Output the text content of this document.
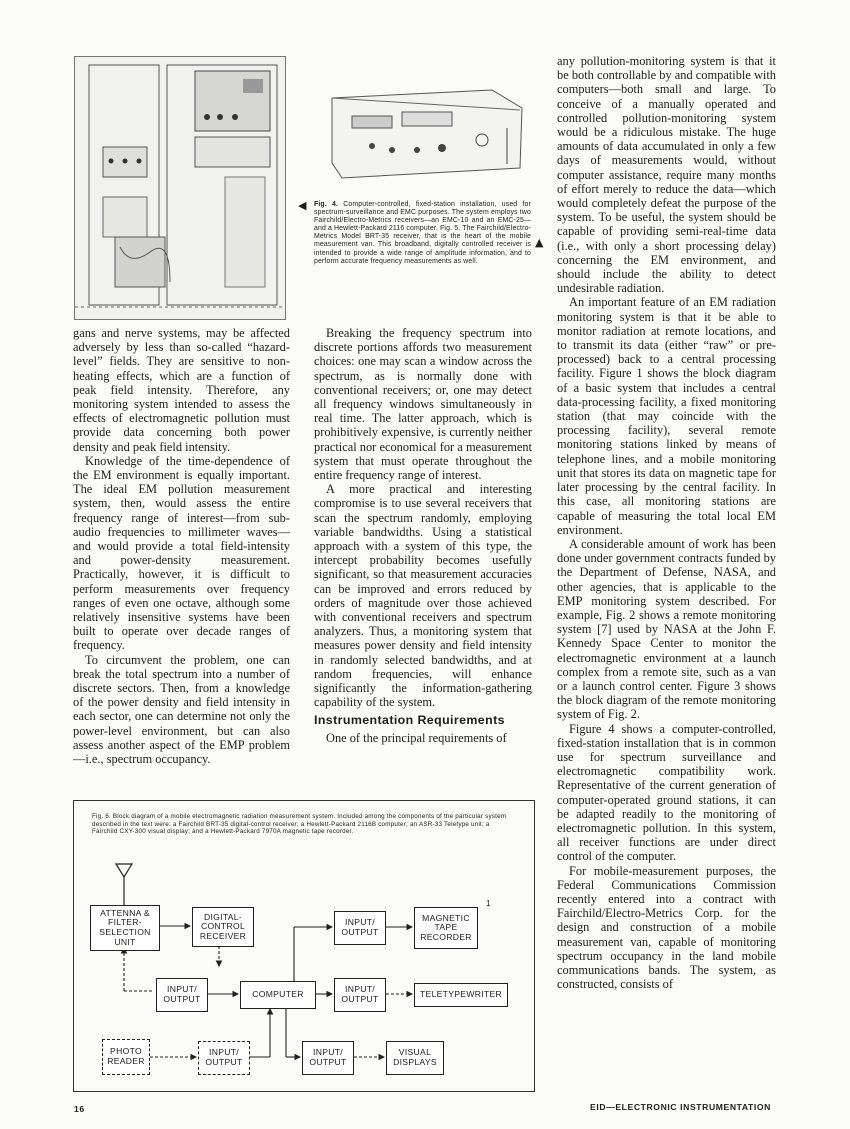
Fig. 4. Computer-controlled, fixed-station installation, used for spectrum-surveillance and EMC purposes. The system employs two Fairchild/Electro-Metrics receivers—an EMC-10 and an EMC-25—and a Hewlett-Packard 2116 computer. Fig. 5. The Fairchild/Electro-Metrics Model BRT-35 receiver, that is the heart of the mobile measurement van. This broadband, digitally controlled receiver is intended to provide a wide range of amplitude information, and to perform accurate frequency measurements as well.
◀
▲

gans and nerve systems, may be affected adversely by less than so-called “hazard-level” fields. They are sensitive to non-heating effects, which are a function of peak field intensity. Therefore, any monitoring system intended to assess the effects of electromagnetic pollution must provide data concerning both power density and peak field intensity.

Knowledge of the time-dependence of the EM environment is equally important. The ideal EM pollution measurement system, then, would assess the entire frequency range of interest—from sub-audio frequencies to millimeter waves—and would provide a total field-intensity and power-density measurement. Practically, however, it is difficult to perform measurements over frequency ranges of even one octave, although some relatively insensitive systems have been built to operate over decade ranges of frequency.

To circumvent the problem, one can break the total spectrum into a number of discrete sectors. Then, from a knowledge of the power density and field intensity in each sector, one can determine not only the power-level environment, but can also assess another aspect of the EMP problem—i.e., spectrum occupancy.

Breaking the frequency spectrum into discrete portions affords two measurement choices: one may scan a window across the spectrum, as is normally done with conventional receivers; or, one may detect all frequency windows simultaneously in real time. The latter approach, which is prohibitively expensive, is currently neither practical nor economical for a measurement system that must operate throughout the entire frequency range of interest.

A more practical and interesting compromise is to use several receivers that scan the spectrum randomly, employing variable bandwidths. Using a statistical approach with a system of this type, the intercept probability becomes usefully significant, so that measurement accuracies can be improved and errors reduced by orders of magnitude over those achieved with conventional receivers and spectrum analyzers. Thus, a monitoring system that measures power density and field intensity in randomly selected bandwidths, and at random frequencies, will enhance significantly the information-gathering capability of the system.

Instrumentation Requirements

One of the principal requirements of

any pollution-monitoring system is that it be both controllable by and compatible with computers—both small and large. To conceive of a manually operated and controlled pollution-monitoring system would be a ridiculous mistake. The huge amounts of data accumulated in only a few days of measurements would, without computer assistance, require many months of effort merely to reduce the data—which would completely defeat the purpose of the system. To be useful, the system should be capable of providing semi-real-time data (i.e., with only a short processing delay) concerning the EM environment, and should include the ability to detect undesirable radiation.

An important feature of an EM radiation monitoring system is that it be able to monitor radiation at remote locations, and to transmit its data (either “raw” or pre-processed) back to a central processing facility. Figure 1 shows the block diagram of a basic system that includes a central data-processing facility, a fixed monitoring station (that may coincide with the processing facility), several remote monitoring stations linked by means of telephone lines, and a mobile monitoring unit that stores its data on magnetic tape for later processing by the central facility. In this case, all monitoring stations are capable of measuring the total local EM environment.

A considerable amount of work has been done under government contracts funded by the Department of Defense, NASA, and other agencies, that is applicable to the EMP monitoring system described. For example, Fig. 2 shows a remote monitoring system [7] used by NASA at the John F. Kennedy Space Center to monitor the electromagnetic environment at a launch complex from a remote site, such as a van or a launch control center. Figure 3 shows the block diagram of the remote monitoring system of Fig. 2.

Figure 4 shows a computer-controlled, fixed-station installation that is in common use for spectrum surveillance and electromagnetic compatibility work. Representative of the current generation of computer-operated ground stations, it can be adapted readily to the monitoring of electromagnetic pollution. In this system, all receiver functions are under direct control of the computer.

For mobile-measurement purposes, the Federal Communications Commission recently entered into a contract with Fairchild/Electro-Metrics Corp. for the design and construction of a mobile measurement van, capable of monitoring spectrum occupancy in the land mobile communications bands. The system, as constructed, consists of

Fig. 6. Block diagram of a mobile electromagnetic radiation measurement system. Included among the components of the particular system described in the text were: a Fairchild BRT-35 digital-control receiver; a Hewlett-Packard 2116B computer; an ASR-33 Teletype unit; a Fairchild CXY-300 visual display; and a Hewlett-Packard 7970A magnetic tape recorder.
ATTENNA &
FILTER-
SELECTION
UNIT
DIGITAL-
CONTROL
RECEIVER
INPUT/
OUTPUT
MAGNETIC
TAPE
RECORDER
1
INPUT/
OUTPUT	COMPUTER	INPUT/
OUTPUT	TELETYPEWRITER
PHOTO
READER
INPUT/
OUTPUT
INPUT/
OUTPUT
VISUAL
DISPLAYS
16	EID—ELECTRONIC INSTRUMENTATION
